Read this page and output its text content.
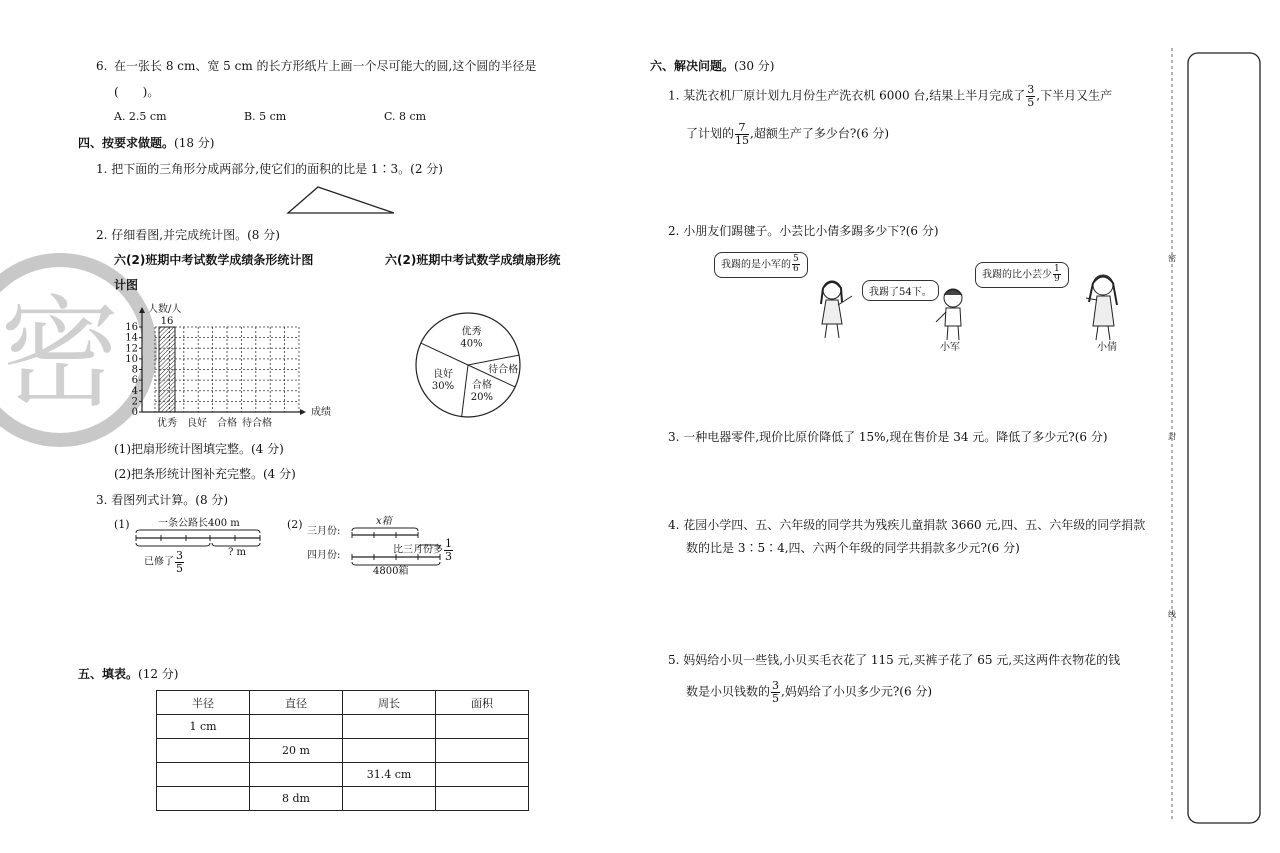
密
6. 在一张长 8 cm、宽 5 cm 的长方形纸片上画一个尽可能大的圆,这个圆的半径是
(　　)。
A. 2.5 cm	B. 5 cm	C. 8 cm
四、按要求做题。(18 分)
1. 把下面的三角形分成两部分,使它们的面积的比是 1∶3。(2 分)
2. 仔细看图,并完成统计图。(8 分)
六(2)班期中考试数学成绩条形统计图	六(2)班期中考试数学成绩扇形统
计图
0
2
4
6
8
10
12
14
16
人数/人
成绩
优秀
16
良好 合格 待合格
优秀
40%
良好
30% 合格
20%
待合格
(1)把扇形统计图填完整。(4 分)
(2)把条形统计图补充完整。(4 分)
3. 看图列式计算。(8 分)
(1)	一条公路长400 m
已修了 $\frac{3}{5}$	? m
(2)	x箱
三月份:
四月份:	比三月份多 $\frac{1}{3}$
4800箱
五、填表。(12 分)
半径	直径	周长	面积
1 cm			
	20 m		
		31.4 cm	
	8 dm		
六、解决问题。(30 分)
1. 某洗衣机厂原计划九月份生产洗衣机 6000 台,结果上半月完成了 $\frac{3}{5}$ ,下半月又生产
了计划的 $\frac{7}{15}$ ,超额生产了多少台?(6 分)
2. 小朋友们踢毽子。小芸比小倩多踢多少下?(6 分)
我踢的是小军的 $\frac{5}{6}$
我踢了54下。
我踢的比小芸少 $\frac{1}{9}$
小军	小倩
3. 一种电器零件,现价比原价降低了 15%,现在售价是 34 元。降低了多少元?(6 分)
4. 花园小学四、五、六年级的同学共为残疾儿童捐款 3660 元,四、五、六年级的同学捐款
数的比是 3∶5∶4,四、六两个年级的同学共捐款多少元?(6 分)
5. 妈妈给小贝一些钱,小贝买毛衣花了 115 元,买裤子花了 65 元,买这两件衣物花的钱
数是小贝钱数的 $\frac{3}{5}$ ,妈妈给了小贝多少元?(6 分)
密
封
线
